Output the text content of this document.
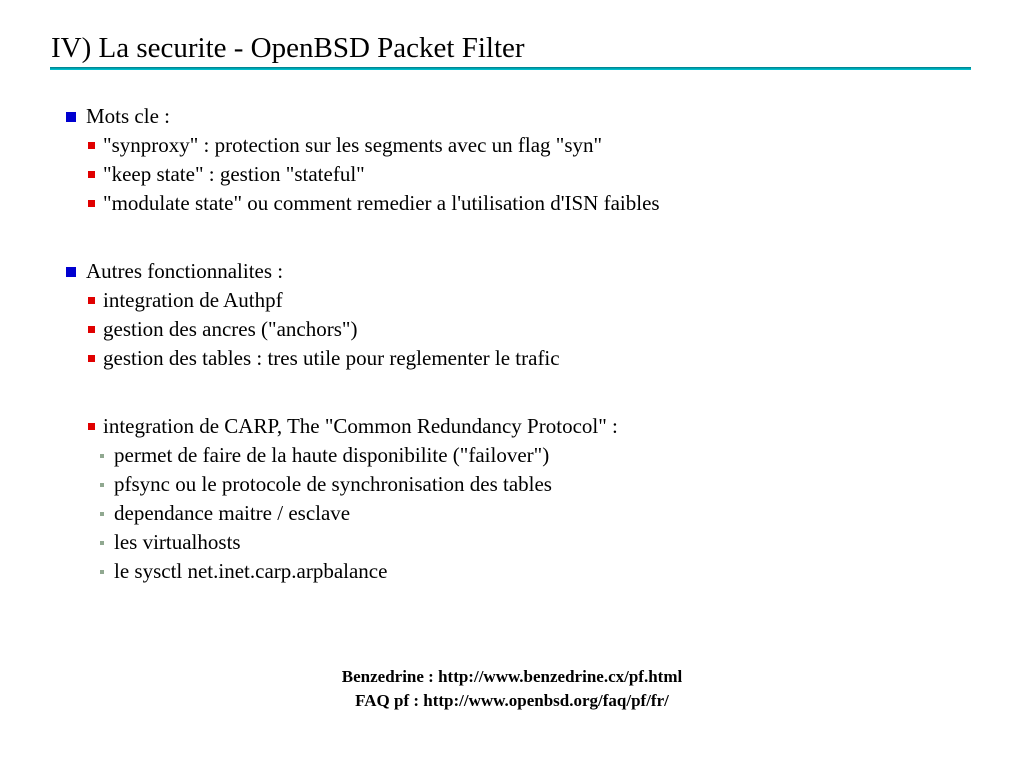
IV) La securite - OpenBSD Packet Filter
Mots cle :
"synproxy" : protection sur les segments avec un flag "syn"
"keep state" : gestion "stateful"
"modulate state" ou comment remedier a l'utilisation d'ISN faibles
Autres fonctionnalites :
integration de Authpf
gestion des ancres ("anchors")
gestion des tables : tres utile pour reglementer le trafic
integration de CARP, The "Common Redundancy Protocol" :
permet de faire de la haute disponibilite ("failover")
pfsync ou le protocole de synchronisation des tables
dependance maitre / esclave
les virtualhosts
le sysctl net.inet.carp.arpbalance
Benzedrine : http://www.benzedrine.cx/pf.html
FAQ pf : http://www.openbsd.org/faq/pf/fr/
